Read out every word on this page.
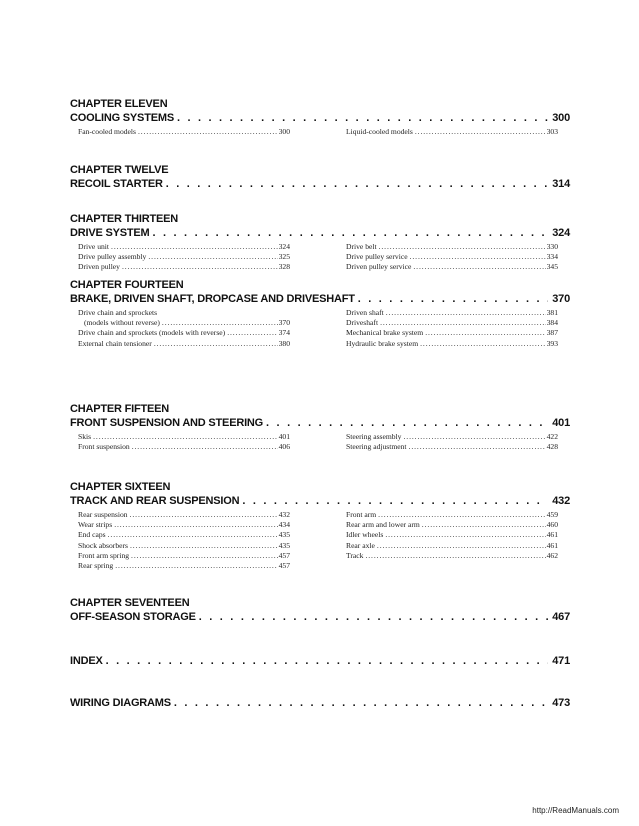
CHAPTER ELEVEN
COOLING SYSTEMS . . .	300
Fan-cooled models .....	300	Liquid-cooled models .....	303
CHAPTER TWELVE
RECOIL STARTER . . .	314
CHAPTER THIRTEEN
DRIVE SYSTEM . . .	324
Drive unit .....	324
Drive pulley assembly .....	325
Driven pulley .....	328
Drive belt .....	330
Drive pulley service .....	334
Driven pulley service .....	345
CHAPTER FOURTEEN
BRAKE, DRIVEN SHAFT, DROPCASE AND DRIVESHAFT . . .	370
Drive chain and sprockets
(models without reverse) .....	370
Drive chain and sprockets (models with reverse) .....	374
External chain tensioner .....	380
Driven shaft .....	381
Driveshaft .....	384
Mechanical brake system .....	387
Hydraulic brake system .....	393
CHAPTER FIFTEEN
FRONT SUSPENSION AND STEERING . . .	401
Skis .....	401
Front suspension .....	406
Steering assembly .....	422
Steering adjustment .....	428
CHAPTER SIXTEEN
TRACK AND REAR SUSPENSION . . .	432
Rear suspension .....	432
Wear strips .....	434
End caps .....	435
Shock absorbers .....	435
Front arm spring .....	457
Rear spring .....	457
Front arm .....	459
Rear arm and lower arm .....	460
Idler wheels .....	461
Rear axle .....	461
Track .....	462
CHAPTER SEVENTEEN
OFF-SEASON STORAGE . . .	467
INDEX . . .	471
WIRING DIAGRAMS . . .	473
http://ReadManuals.com
